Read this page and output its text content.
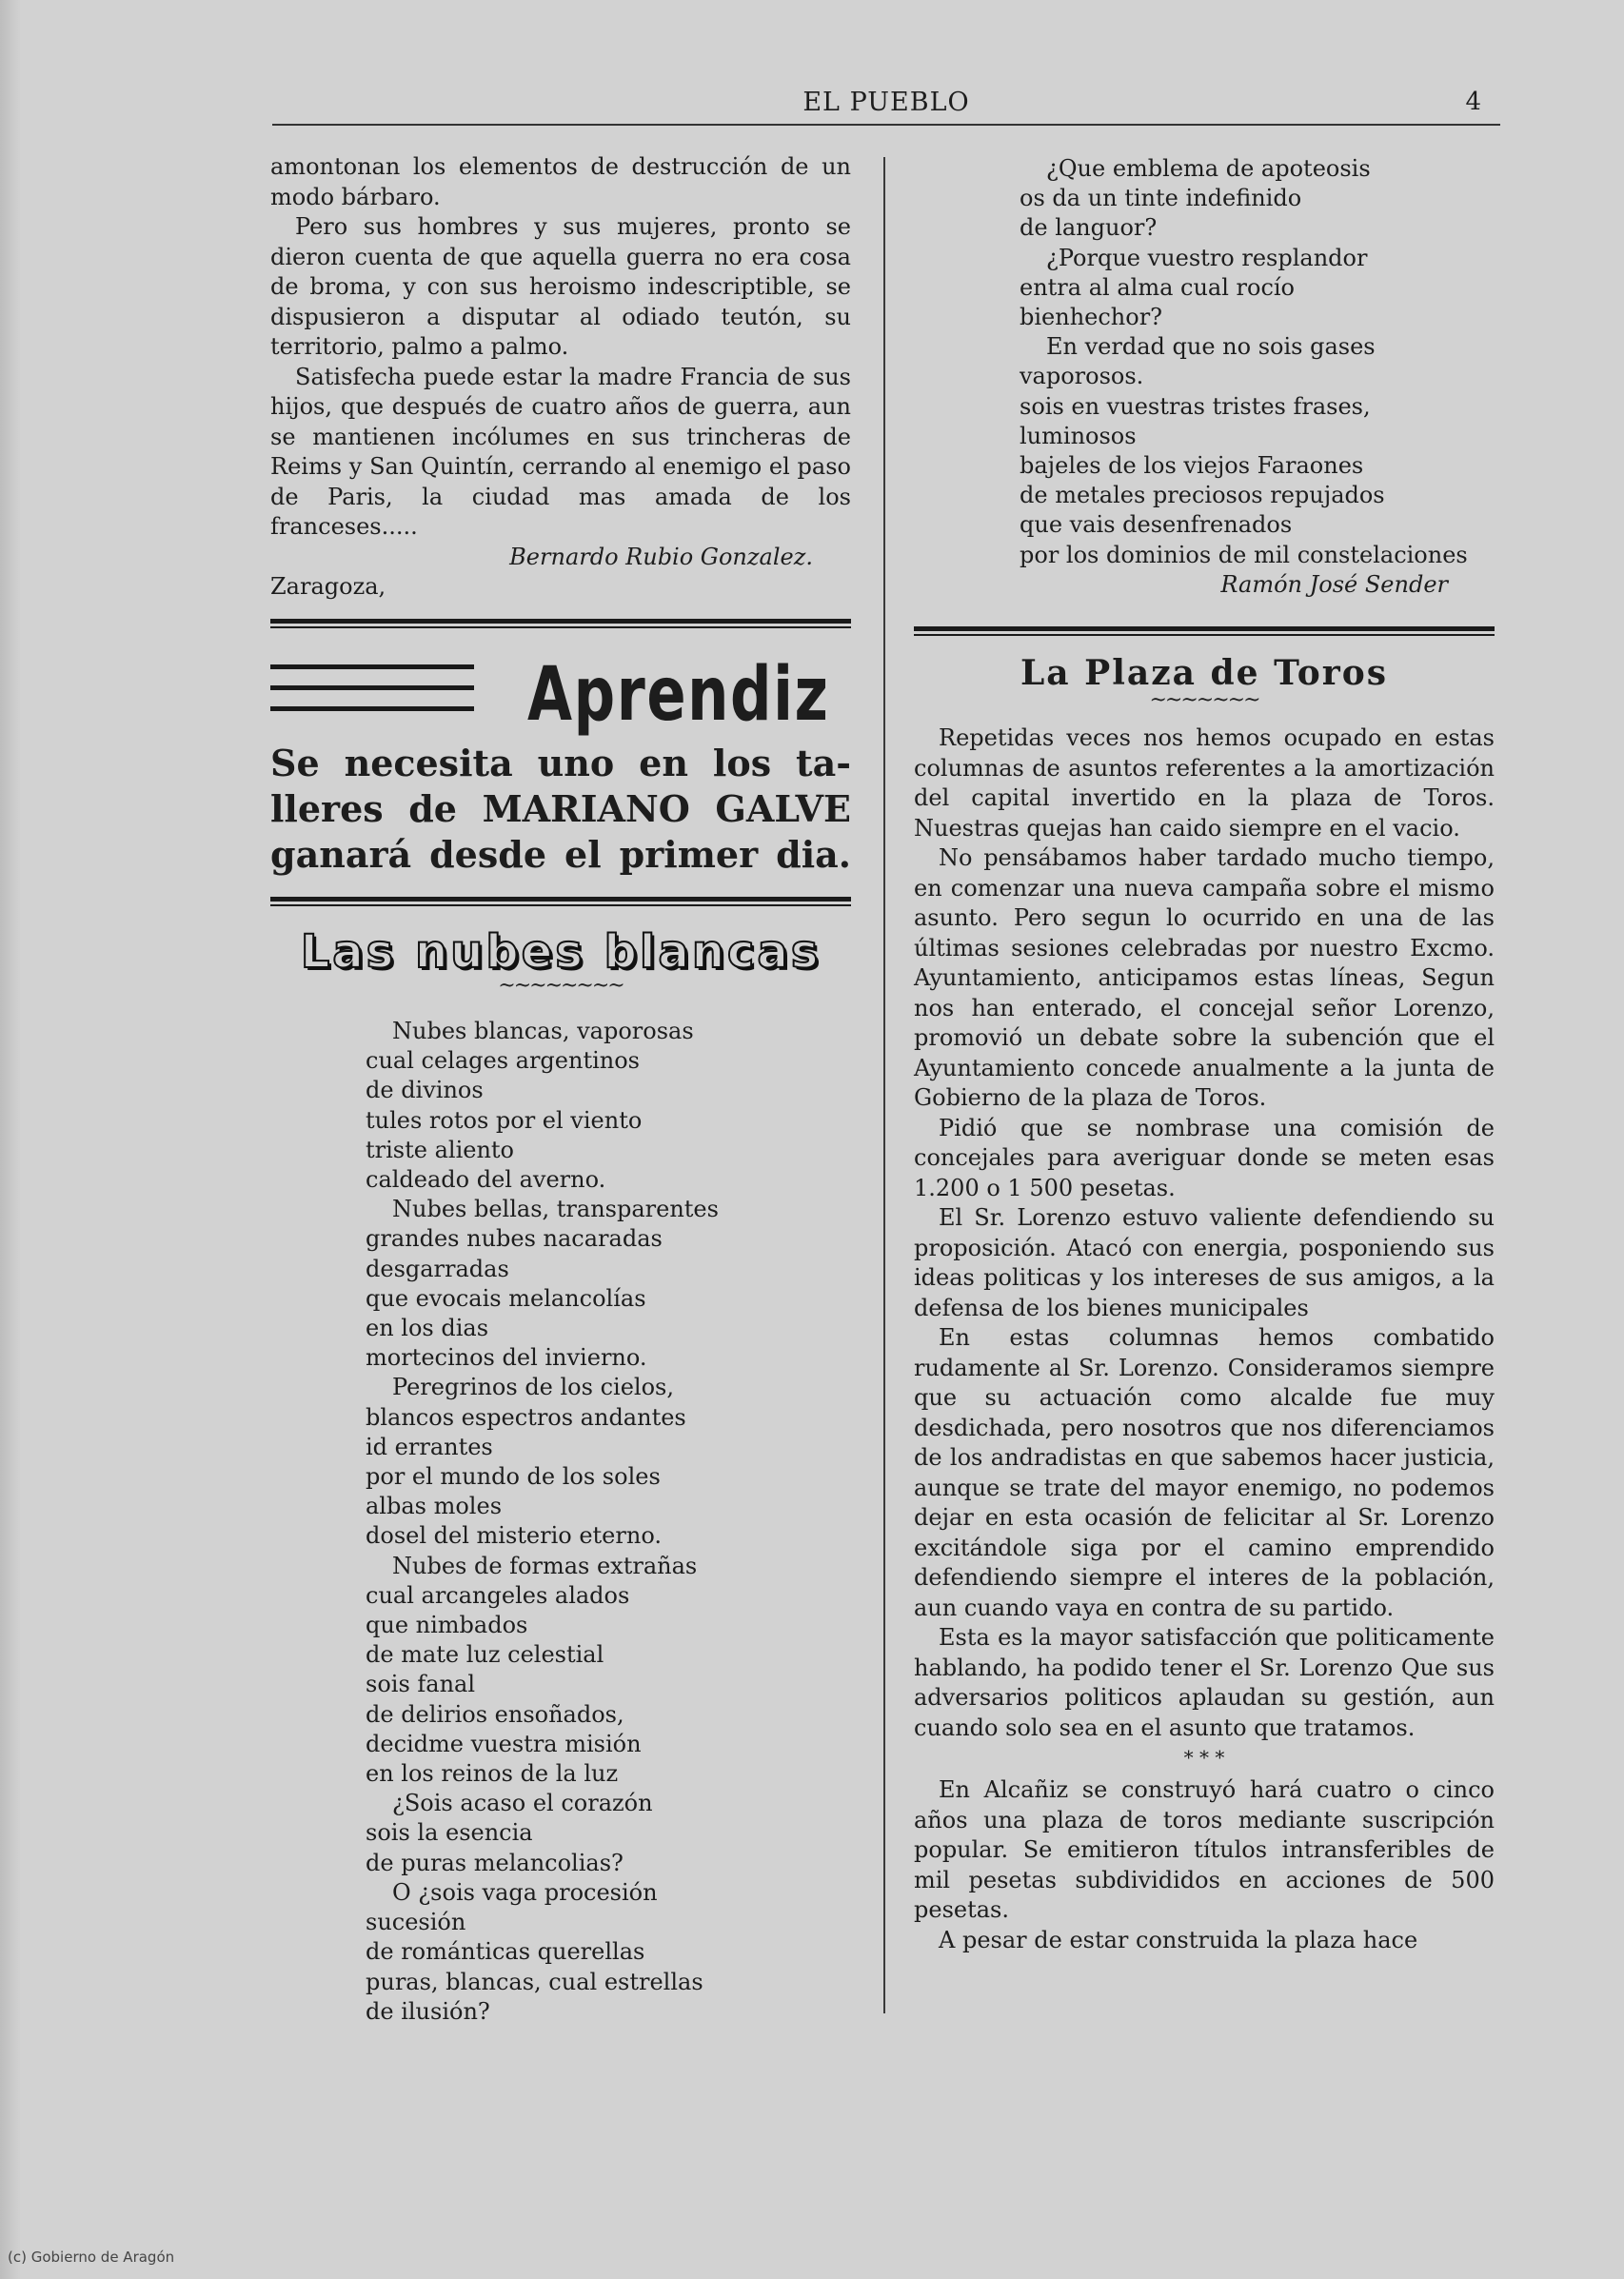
EL PUEBLO	4

amontonan los elementos de destrucción de un modo bárbaro.

Pero sus hombres y sus mujeres, pronto se dieron cuenta de que aquella guerra no era cosa de broma, y con sus heroismo indescriptible, se dispusieron a disputar al odiado teutón, su territorio, palmo a palmo.

Satisfecha puede estar la madre Francia de sus hijos, que después de cuatro años de guerra, aun se mantienen incólumes en sus trincheras de Reims y San Quintín, cerrando al enemigo el paso de Paris, la ciudad mas amada de los franceses.....

Bernardo Rubio Gonzalez.
Zaragoza,
Aprendiz
Se necesita uno en los ta-
lleres de MARIANO GALVE
ganará desde el primer dia.
Las nubes blancas
~~~~~~~~
Nubes blancas, vaporosas
cual celages argentinos
de divinos
tules rotos por el viento
triste aliento
caldeado del averno.
Nubes bellas, transparentes
grandes nubes nacaradas
desgarradas
que evocais melancolías
en los dias
mortecinos del invierno.
Peregrinos de los cielos,
blancos espectros andantes
id errantes
por el mundo de los soles
albas moles
dosel del misterio eterno.
Nubes de formas extrañas
cual arcangeles alados
que nimbados
de mate luz celestial
sois fanal
de delirios ensoñados,
decidme vuestra misión
en los reinos de la luz
¿Sois acaso el corazón
sois la esencia
de puras melancolias?
O ¿sois vaga procesión
sucesión
de románticas querellas
puras, blancas, cual estrellas
de ilusión?
¿Que emblema de apoteosis
os da un tinte indefinido
de languor?
¿Porque vuestro resplandor
entra al alma cual rocío
bienhechor?
En verdad que no sois gases
vaporosos.
sois en vuestras tristes frases,
luminosos
bajeles de los viejos Faraones
de metales preciosos repujados
que vais desenfrenados
por los dominios de mil constelaciones
Ramón José Sender
La Plaza de Toros
~~~~~~~

Repetidas veces nos hemos ocupado en estas columnas de asuntos referentes a la amortización del capital invertido en la plaza de Toros. Nuestras quejas han caido siempre en el vacio.

No pensábamos haber tardado mucho tiempo, en comenzar una nueva campaña sobre el mismo asunto. Pero segun lo ocurrido en una de las últimas sesiones celebradas por nuestro Excmo. Ayuntamiento, anticipamos estas líneas, Segun nos han enterado, el concejal señor Lorenzo, promovió un debate sobre la subención que el Ayuntamiento concede anualmente a la junta de Gobierno de la plaza de Toros.

Pidió que se nombrase una comisión de concejales para averiguar donde se meten esas 1.200 o 1 500 pesetas.

El Sr. Lorenzo estuvo valiente defendiendo su proposición. Atacó con energia, posponiendo sus ideas politicas y los intereses de sus amigos, a la defensa de los bienes municipales

En estas columnas hemos combatido rudamente al Sr. Lorenzo. Consideramos siempre que su actuación como alcalde fue muy desdichada, pero nosotros que nos diferenciamos de los andradistas en que sabemos hacer justicia, aunque se trate del mayor enemigo, no podemos dejar en esta ocasión de felicitar al Sr. Lorenzo excitándole siga por el camino emprendido defendiendo siempre el interes de la población, aun cuando vaya en contra de su partido.

Esta es la mayor satisfacción que politicamente hablando, ha podido tener el Sr. Lorenzo Que sus adversarios politicos aplaudan su gestión, aun cuando solo sea en el asunto que tratamos.

* * *

En Alcañiz se construyó hará cuatro o cinco años una plaza de toros mediante suscripción popular. Se emitieron títulos intransferibles de mil pesetas subdivididos en acciones de 500 pesetas.

A pesar de estar construida la plaza hace

(c) Gobierno de Aragón
